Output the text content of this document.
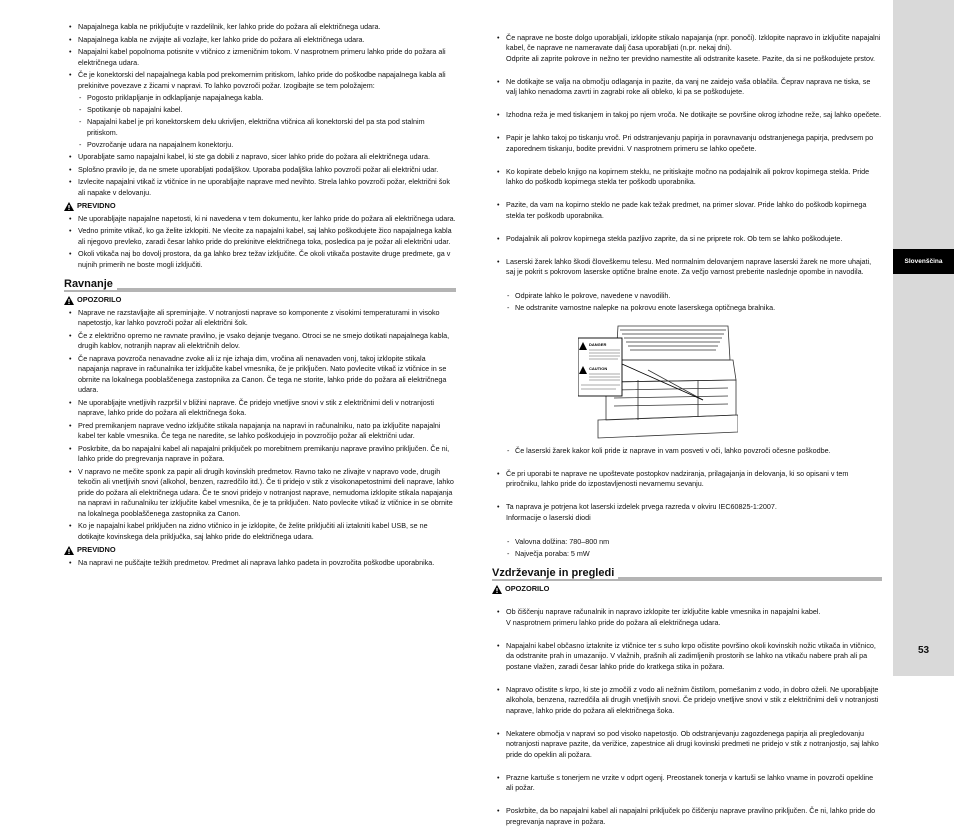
Slovenščina
53
• Napajalnega kabla ne priključujte v razdelilnik, ker lahko pride do požara ali električnega udara.
• Napajalnega kabla ne zvijajte ali vozlajte, ker lahko pride do požara ali električnega udara.
• Napajalni kabel popolnoma potisnite v vtičnico z izmeničnim tokom. V nasprotnem primeru lahko pride do požara ali električnega udara.
• Če je konektorski del napajalnega kabla pod prekomernim pritiskom, lahko pride do poškodbe napajalnega kabla ali prekinitve povezave z žicami v napravi. To lahko povzroči požar. Izogibajte se tem položajem:
- Pogosto priklapljanje in odklapljanje napajalnega kabla.
- Spotikanje ob napajalni kabel.
- Napajalni kabel je pri konektorskem delu ukrivljen, električna vtičnica ali konektorski del pa sta pod stalnim pritiskom.
- Povzročanje udara na napajalnem konektorju.
• Uporabljate samo napajalni kabel, ki ste ga dobili z napravo, sicer lahko pride do požara ali električnega udara.
• Splošno pravilo je, da ne smete uporabljati podaljškov. Uporaba podaljška lahko povzroči požar ali električni udar.
• Izvlecite napajalni vtikač iz vtičnice in ne uporabljajte naprave med nevihto. Strela lahko povzroči požar, električni šok ali napake v delovanju.
PREVIDNO
• Ne uporabljajte napajalne napetosti, ki ni navedena v tem dokumentu, ker lahko pride do požara ali električnega udara.
• Vedno primite vtikač, ko ga želite izklopiti. Ne vlecite za napajalni kabel, saj lahko poškodujete žico napajalnega kabla ali njegovo prevleko, zaradi česar lahko pride do prekinitve električnega toka, posledica pa je požar ali električni udar.
• Okoli vtikača naj bo dovolj prostora, da ga lahko brez težav izključite. Če okoli vtikača postavite druge predmete, ga v nujnih primerih ne boste mogli izključiti.
Ravnanje
OPOZORILO
• Naprave ne razstavljajte ali spreminjajte. V notranjosti naprave so komponente z visokimi temperaturami in visoko napetostjo, kar lahko povzroči požar ali električni šok.
• Če z električno opremo ne ravnate pravilno, je vsako dejanje tvegano. Otroci se ne smejo dotikati napajalnega kabla, drugih kablov, notranjih naprav ali električnih delov.
• Če naprava povzroča nenavadne zvoke ali iz nje izhaja dim, vročina ali nenavaden vonj, takoj izklopite stikala napajanja naprave in računalnika ter izključite kabel vmesnika, če je priključen. Nato povlecite vtikač iz vtičnice in se obrnite na lokalnega pooblaščenega zastopnika za Canon. Če tega ne storite, lahko pride do požara ali električnega udara.
• Ne uporabljajte vnetljivih razpršil v bližini naprave. Če pridejo vnetljive snovi v stik z električnimi deli v notranjosti naprave, lahko pride do požara ali električnega šoka.
• Pred premikanjem naprave vedno izključite stikala napajanja na napravi in računalniku, nato pa izključite napajalni kabel ter kable vmesnika. Če tega ne naredite, se lahko poškodujejo in povzročijo požar ali električni udar.
• Poskrbite, da bo napajalni kabel ali napajalni priključek po morebitnem premikanju naprave pravilno priključen. Če ni, lahko pride do pregrevanja naprave in požara.
• V napravo ne mečite sponk za papir ali drugih kovinskih predmetov. Ravno tako ne zlivajte v napravo vode, drugih tekočin ali vnetljivih snovi (alkohol, benzen, razredčilo itd.). Če ti pridejo v stik z visokonapetostnimi deli naprave, lahko pride do požara ali električnega udara. Če te snovi pridejo v notranjost naprave, nemudoma izklopite stikala napajanja na napravi in računalniku ter izključite kabel vmesnika, če je ta priključen. Nato povlecite vtikač iz vtičnice in se obrnite na lokalnega pooblaščenega zastopnika za Canon.
• Ko je napajalni kabel priključen na zidno vtičnico in je izklopite, če želite priključiti ali iztakniti kabel USB, se ne dotikajte kovinskega dela priključka, saj lahko pride do električnega udara.
PREVIDNO
• Na napravi ne puščajte težkih predmetov. Predmet ali naprava lahko padeta in povzročita poškodbe uporabnika.

• Če naprave ne boste dolgo uporabljali, izklopite stikalo napajanja (npr. ponoči). Izklopite napravo in izključite napajalni kabel, če naprave ne nameravate dalj časa uporabljati (n.pr. nekaj dni).
Odprite ali zaprite pokrove in nežno ter previdno namestite ali odstranite kasete. Pazite, da si ne poškodujete prstov.

• Ne dotikajte se valja na območju odlaganja in pazite, da vanj ne zaideјo vaša oblačila. Čeprav naprava ne tiska, se valj lahko nenadoma zavrti in zagrabi roke ali obleko, ki pa se poškodujete.

• Izhodna reža je med tiskanjem in takoj po njem vroča. Ne dotikajte se površine okrog izhodne reže, saj lahko opečete.

• Papir je lahko takoj po tiskanju vroč. Pri odstranjevanju papirja in poravnavanju odstranjenega papirja, predvsem po zaporednem tiskanju, bodite previdni. V nasprotnem primeru se lahko opečete.

• Ko kopirate debelo knjigo na kopirnem steklu, ne pritiskajte močno na podajalnik ali pokrov kopirnega stekla. Pride lahko do poškodb kopirnega stekla ter poškodb uporabnika.

• Pazite, da vam na kopirno steklo ne pade kak težak predmet, na primer slovar. Pride lahko do poškodb kopirnega stekla ter poškodb uporabnika.

• Podajalnik ali pokrov kopirnega stekla pazljivo zaprite, da si ne priprete rok. Ob tem se lahko poškodujete.

• Laserski žarek lahko škodi človeškemu telesu. Med normalnim delovanjem naprave laserski žarek ne more uhajati, saj je pokrit s pokrovom laserske optične bralne enote. Za večjo varnost preberite naslednje opombe in navodila.

- Odpirate lahko le pokrove, navedene v navodilih.
- Ne odstranite varnostne nalepke na pokrovu enote laserskega optičnega bralnika.
DANGER
CAUTION
- Če laserski žarek kakor koli pride iz naprave in vam posveti v oči, lahko povzroči očesne poškodbe.

• Če pri uporabi te naprave ne upoštevate postopkov nadziranja, prilagajanja in delovanja, ki so opisani v tem priročniku, lahko pride do izpostavljenosti nevarnemu sevanju.

• Ta naprava je potrjena kot laserski izdelek prvega razreda v okviru IEC60825-1:2007.
Informacije o laserski diodi

- Valovna dolžina: 780–800 nm
- Največja poraba: 5 mW
Vzdrževanje in pregledi
OPOZORILO

• Ob čiščenju naprave računalnik in napravo izklopite ter izključite kable vmesnika in napajalni kabel.
V nasprotnem primeru lahko pride do požara ali električnega udara.

• Napajalni kabel občasno iztaknite iz vtičnice ter s suho krpo očistite površino okoli kovinskih nožic vtikača in vtičnico, da odstranite prah in umazanijo. V vlažnih, prašnih ali zadimljenih prostorih se lahko na vtikaču nabere prah ali pa postane vlažen, zaradi česar lahko pride do kratkega stika in požara.

• Napravo očistite s krpo, ki ste jo zmočili z vodo ali nežnim čistilom, pomešanim z vodo, in dobro oželi. Ne uporabljajte alkohola, benzena, razredčila ali drugih vnetljivih snovi. Če pridejo vnetljive snovi v stik z električnimi deli v notranjosti naprave, lahko pride do požara ali električnega šoka.

• Nekatere območja v napravi so pod visoko napetostjo. Ob odstranjevanju zagozdenega papirja ali pregledovanju notranjosti naprave pazite, da verižice, zapestnice ali drugi kovinski predmeti ne pridejo v stik z notranjostjo, saj lahko pride do opeklin ali požara.

• Prazne kartuše s tonerjem ne vrzite v odprt ogenj. Preostanek tonerja v kartuši se lahko vname in povzroči opekline ali požar.

• Poskrbite, da bo napajalni kabel ali napajalni priključek po čiščenju naprave pravilno priključen. Če ni, lahko pride do pregrevanja naprave in požara.
